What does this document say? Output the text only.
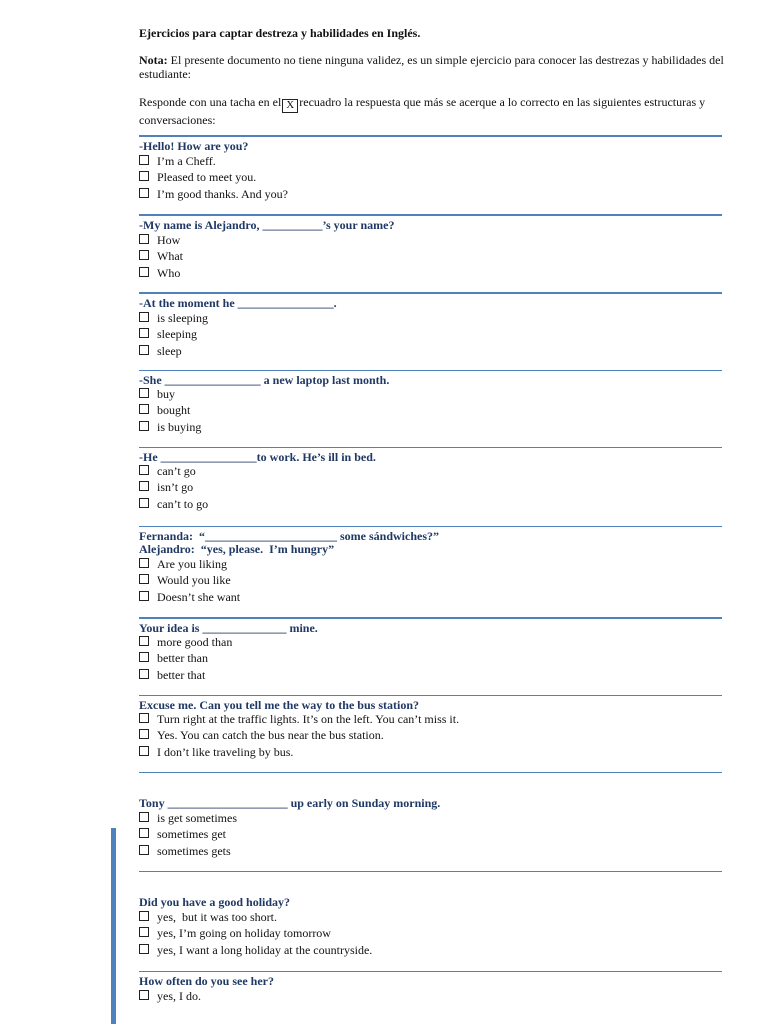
Ejercicios para captar destreza y habilidades en Inglés.
Nota: El presente documento no tiene ninguna validez, es un simple ejercicio para conocer las destrezas y habilidades del estudiante:
Responde con una tacha en el X recuadro la respuesta que más se acerque a lo correcto en las siguientes estructuras y conversaciones:
-Hello! How are you?
I’m a Cheff.
Pleased to meet you.
I’m good thanks. And you?
-My name is Alejandro, __________’s your name?
How
What
Who
-At the moment he ________________.
is sleeping
sleeping
sleep
-She ________________ a new laptop last month.
buy
bought
is buying
-He ________________to work. He’s ill in bed.
can’t go
isn’t go
can’t to go
Fernanda:  “______________________ some sándwiches?”
Alejandro:  “yes, please.  I’m hungry”
Are you liking
Would you like
Doesn’t she want
Your idea is ______________ mine.
more good than
better than
better that
Excuse me. Can you tell me the way to the bus station?
Turn right at the traffic lights. It’s on the left. You can’t miss it.
Yes. You can catch the bus near the bus station.
I don’t like traveling by bus.
Tony ____________________ up early on Sunday morning.
is get sometimes
sometimes get
sometimes gets
Did you have a good holiday?
yes,  but it was too short.
yes, I’m going on holiday tomorrow
yes, I want a long holiday at the countryside.
How often do you see her?
yes, I do.
